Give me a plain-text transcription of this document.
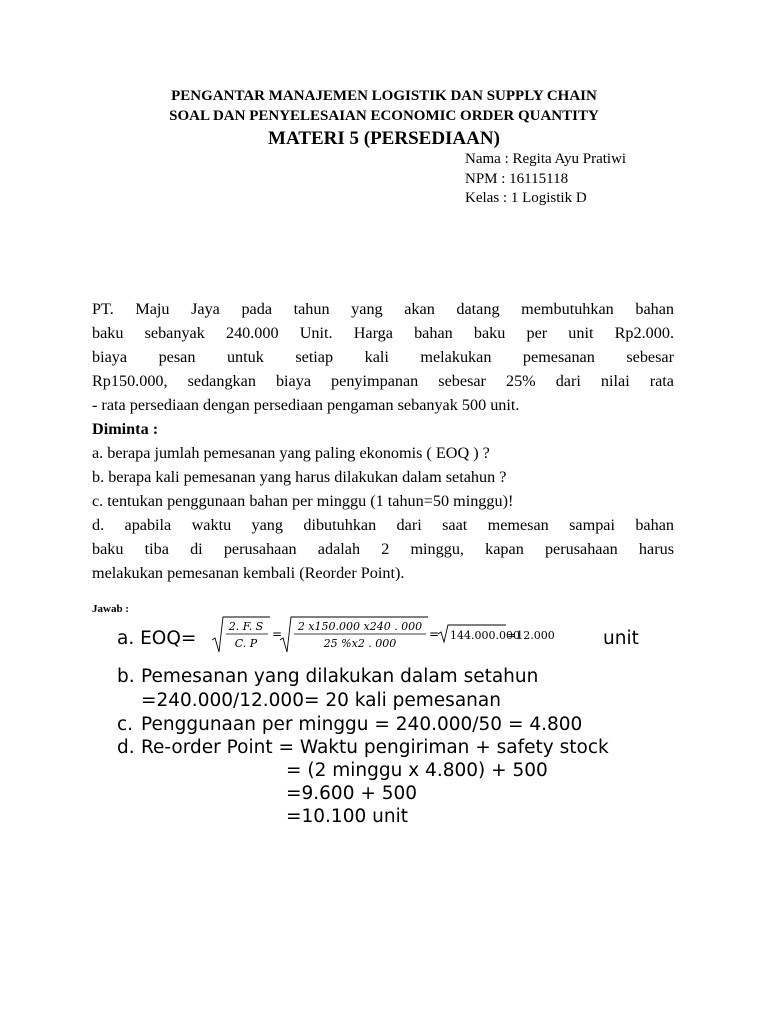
PENGANTAR MANAJEMEN LOGISTIK DAN SUPPLY CHAIN
SOAL DAN PENYELESAIAN ECONOMIC ORDER QUANTITY
MATERI 5 (PERSEDIAAN)
Nama : Regita Ayu Pratiwi
NPM : 16115118
Kelas : 1 Logistik D
PT. Maju Jaya pada tahun yang akan datang membutuhkan bahan
baku sebanyak 240.000 Unit. Harga bahan baku per unit Rp2.000.
biaya pesan untuk setiap kali melakukan pemesanan sebesar
Rp150.000, sedangkan biaya penyimpanan sebesar 25% dari nilai rata
- rata persediaan dengan persediaan pengaman sebanyak 500 unit.
Diminta :
a. berapa jumlah pemesanan yang paling ekonomis ( EOQ ) ?
b. berapa kali pemesanan yang harus dilakukan dalam setahun ?
c. tentukan penggunaan bahan per minggu (1 tahun=50 minggu)!
d. apabila waktu yang dibutuhkan dari saat memesan sampai bahan
baku tiba di perusahaan adalah 2 minggu, kapan perusahaan harus
melakukan pemesanan kembali (Reorder Point).
Jawab :
a. EOQ=
2. F. S
C. P
=
2 x150.000 x240 . 000
25 %x2 . 000
= 144.000.000
=12.000	unit
b. Pemesanan yang dilakukan dalam setahun
=240.000/12.000= 20 kali pemesanan
c. Penggunaan per minggu = 240.000/50 = 4.800
d. Re-order Point = Waktu pengiriman + safety stock
= (2 minggu x 4.800) + 500
=9.600 + 500
=10.100 unit
